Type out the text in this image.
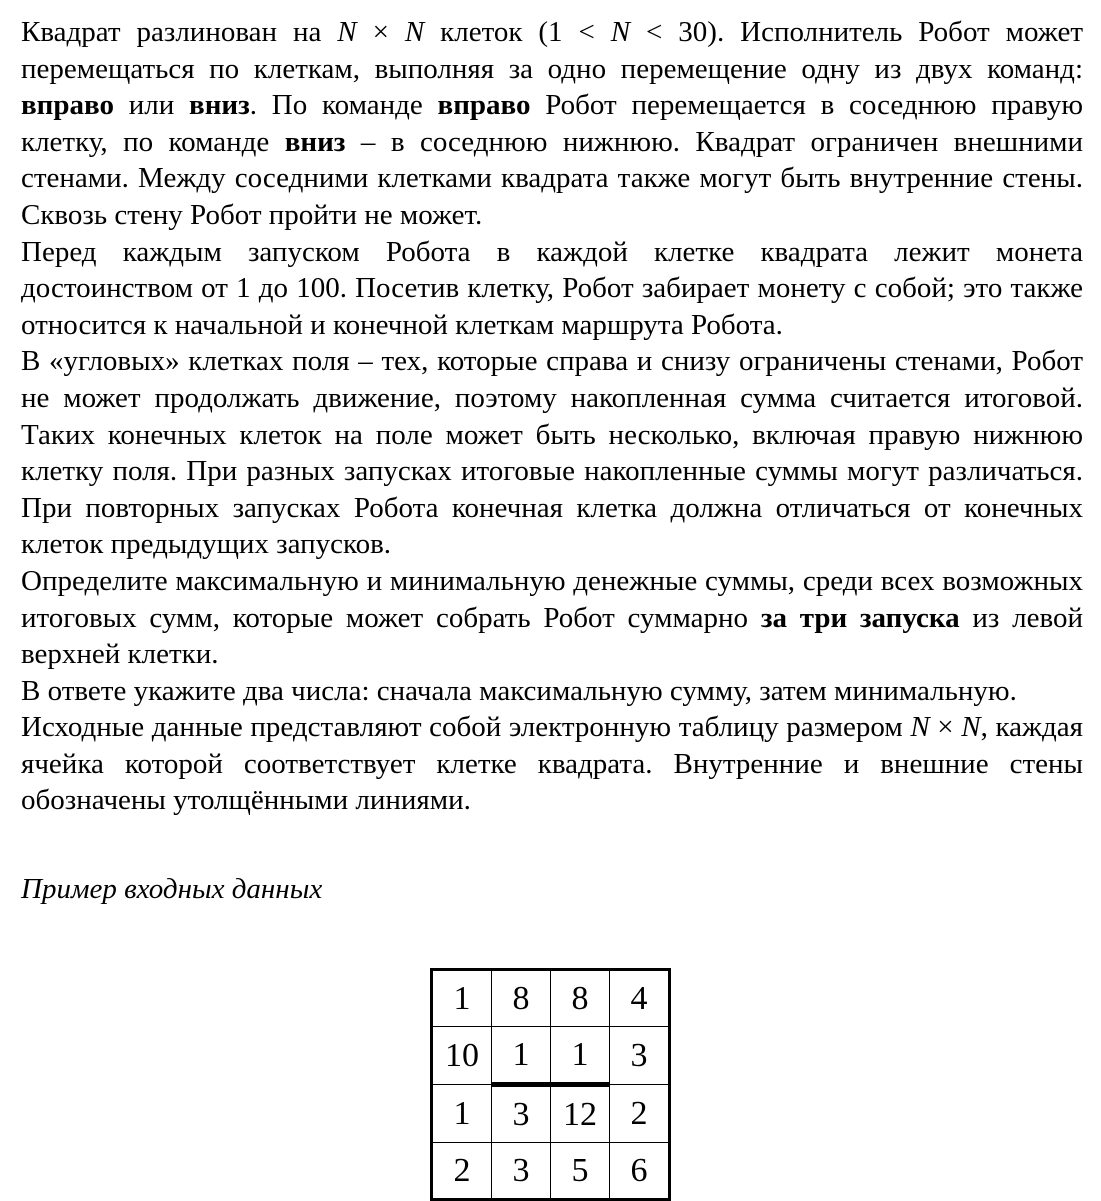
Квадрат разлинован на N × N клеток (1 < N < 30). Исполнитель Робот может перемещаться по клеткам, выполняя за одно перемещение одну из двух команд: вправо или вниз. По команде вправо Робот перемещается в соседнюю правую клетку, по команде вниз – в соседнюю нижнюю. Квадрат ограничен внешними стенами. Между соседними клетками квадрата также могут быть внутренние стены. Сквозь стену Робот пройти не может.

Перед каждым запуском Робота в каждой клетке квадрата лежит монета достоинством от 1 до 100. Посетив клетку, Робот забирает монету с собой; это также относится к начальной и конечной клеткам маршрута Робота.

В «угловых» клетках поля – тех, которые справа и снизу ограничены стенами, Робот не может продолжать движение, поэтому накопленная сумма считается итоговой. Таких конечных клеток на поле может быть несколько, включая правую нижнюю клетку поля. При разных запусках итоговые накопленные суммы могут различаться. При повторных запусках Робота конечная клетка должна отличаться от конечных клеток предыдущих запусков.

Определите максимальную и минимальную денежные суммы, среди всех возможных итоговых сумм, которые может собрать Робот суммарно за три запуска из левой верхней клетки.

В ответе укажите два числа: сначала максимальную сумму, затем минимальную.

Исходные данные представляют собой электронную таблицу размером N × N, каждая ячейка которой соответствует клетке квадрата. Внутренние и внешние стены обозначены утолщёнными линиями.

Пример входных данных

1	8	8	4
10	1	1	3
1	3	12	2
2	3	5	6
